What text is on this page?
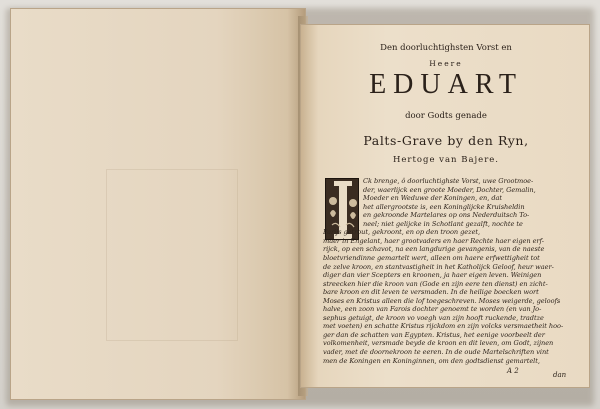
Den doorluchtighsten Vorst en
Heere
EDUART
door Godts genade
Palts-Grave by den Ryn,
Hertoge van Bajere.
Ck brenge, ô doorluchtighste Vorst, uwe Grootmoe-
der, waerlijck een groote Moeder, Dochter, Gemalin,
Moeder en Weduwe der Koningen, en, dat
het allergrootste is, een Koninglijcke Kruisheldin
en gekroonde Martelares op ons Nederduitsch To-
neel; niet gelijcke in Schotlant gezalft, nochte te
Parijs getrout, gekroont, en op den troon gezet,
maer in Engelant, haer grootvaders en haer Rechte haer eigen erf-
rijck, op een schavot, na een langdurige gevangenis, van de naeste
bloetvriendinne gemartelt wert, alleen om haere erfwettigheit tot
de zelve kroon, en stantvastigheit in het Katholijck Geloof, heur waer-
diger dan vier Scepters en kroonen, ja haer eigen leven. Weinigen
streecken hier die kroon van (Gode en zijn eere ten dienst) en zicht-
bare kroon en dit leven te versmaden. In de heilige boecken wort
Moses en Kristus alleen die lof toegeschreven. Moses weigerde, geloofs
halve, een zoon van Farois dochter genoemt te worden (en van Jo-
sephus getuigt, de kroon vo voegh van zijn hooft ruckende, tradtze
met voeten) en schatte Kristus rijckdom en zijn volcks versmaetheit hoo-
ger dan de schatten van Egypten. Kristus, het eenige voorbeelt der
volkomenheit, versmade beyde de kroon en dit leven, om Godt, zijnen
vader, met de doornekroon te eeren. In de oude Martelschriften vint
men de Koningen en Koninginnen, om den godtsdienst gemartelt,
A 2	dan
